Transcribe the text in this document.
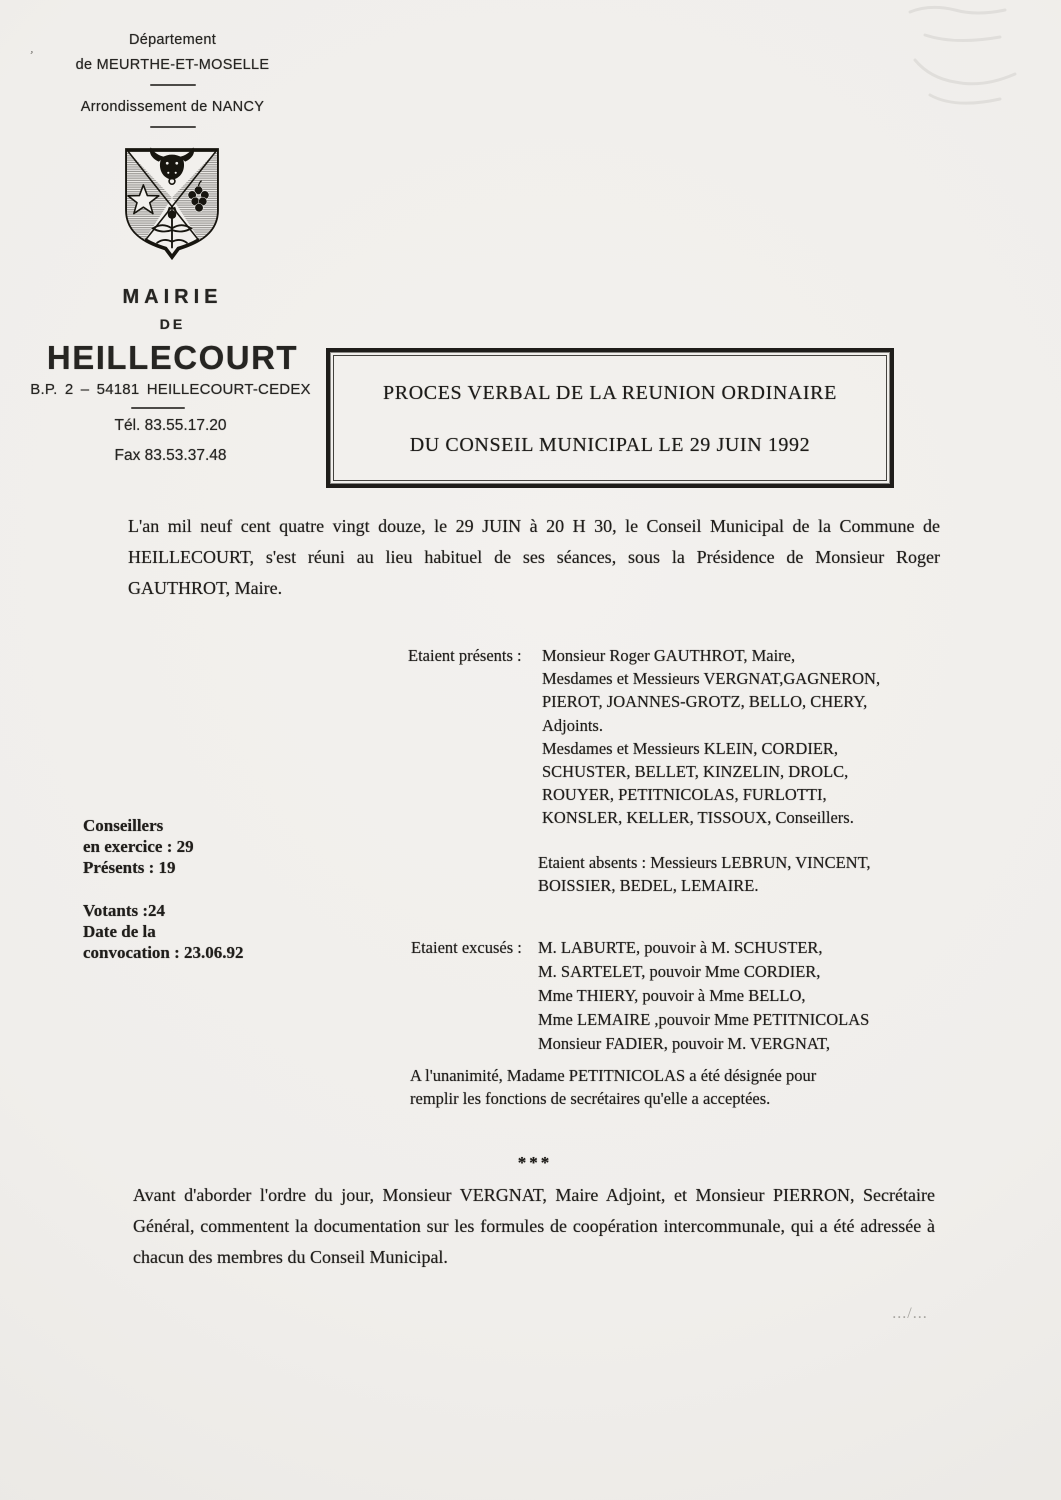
’
Département
de MEURTHE-ET-MOSELLE
Arrondissement de NANCY
MAIRIE
DE
HEILLECOURT
B.P. 2 – 54181 HEILLECOURT-CEDEX
Tél. 83.55.17.20
Fax 83.53.37.48
PROCES VERBAL DE LA REUNION ORDINAIRE
DU CONSEIL MUNICIPAL LE 29 JUIN 1992
L'an mil neuf cent quatre vingt douze, le 29 JUIN à 20 H 30, le Conseil Municipal de la Commune de HEILLECOURT, s'est réuni au lieu habituel de ses séances, sous la Présidence de Monsieur Roger GAUTHROT, Maire.
Etaient présents :	Monsieur Roger GAUTHROT, Maire,
Mesdames et Messieurs VERGNAT,GAGNERON,
PIEROT, JOANNES-GROTZ, BELLO, CHERY,
Adjoints.
Mesdames et Messieurs KLEIN, CORDIER,
SCHUSTER, BELLET, KINZELIN, DROLC,
ROUYER, PETITNICOLAS, FURLOTTI,
KONSLER, KELLER, TISSOUX, Conseillers.
Conseillers
en exercice : 29
Présents : 19
Votants :24
Date de la
convocation : 23.06.92
Etaient absents : Messieurs LEBRUN, VINCENT,
BOISSIER, BEDEL, LEMAIRE.
Etaient excusés : M. LABURTE, pouvoir à M. SCHUSTER,
M. SARTELET, pouvoir Mme CORDIER,
Mme THIERY, pouvoir à Mme BELLO,
Mme LEMAIRE ,pouvoir Mme PETITNICOLAS
Monsieur FADIER, pouvoir M. VERGNAT,
A l'unanimité, Madame PETITNICOLAS a été désignée pour
remplir les fonctions de secrétaires qu'elle a acceptées.
***
Avant d'aborder l'ordre du jour, Monsieur VERGNAT, Maire Adjoint, et Monsieur PIERRON, Secrétaire Général, commentent la documentation sur les formules de coopération intercommunale, qui a été adressée à chacun des membres du Conseil Municipal.
.../...
